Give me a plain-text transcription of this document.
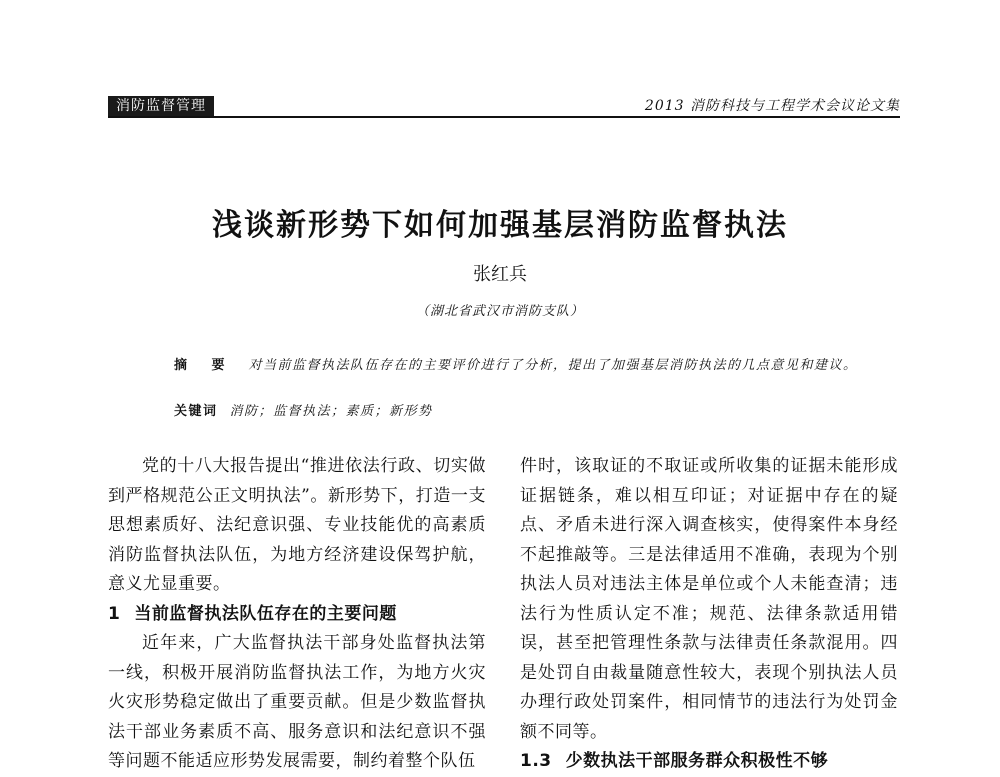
消防监督管理	2013 消防科技与工程学术会议论文集
浅谈新形势下如何加强基层消防监督执法
张红兵
（湖北省武汉市消防支队）
摘 要 对当前监督执法队伍存在的主要评价进行了分析，提出了加强基层消防执法的几点意见和建议。
关键词 消防；监督执法；素质；新形势

党的十八大报告提出“推进依法行政、切实做到严格规范公正文明执法”。新形势下，打造一支思想素质好、法纪意识强、专业技能优的高素质消防监督执法队伍，为地方经济建设保驾护航，意义尤显重要。

1 当前监督执法队伍存在的主要问题

近年来，广大监督执法干部身处监督执法第一线，积极开展消防监督执法工作，为地方火灾火灾形势稳定做出了重要贡献。但是少数监督执法干部业务素质不高、服务意识和法纪意识不强等问题不能适应形势发展需要，制约着整个队伍

件时，该取证的不取证或所收集的证据未能形成证据链条，难以相互印证；对证据中存在的疑点、矛盾未进行深入调查核实，使得案件本身经不起推敲等。三是法律适用不准确，表现为个别执法人员对违法主体是单位或个人未能查清；违法行为性质认定不准；规范、法律条款适用错误，甚至把管理性条款与法律责任条款混用。四是处罚自由裁量随意性较大，表现个别执法人员办理行政处罚案件，相同情节的违法行为处罚金额不同等。

1.3 少数执法干部服务群众积极性不够
